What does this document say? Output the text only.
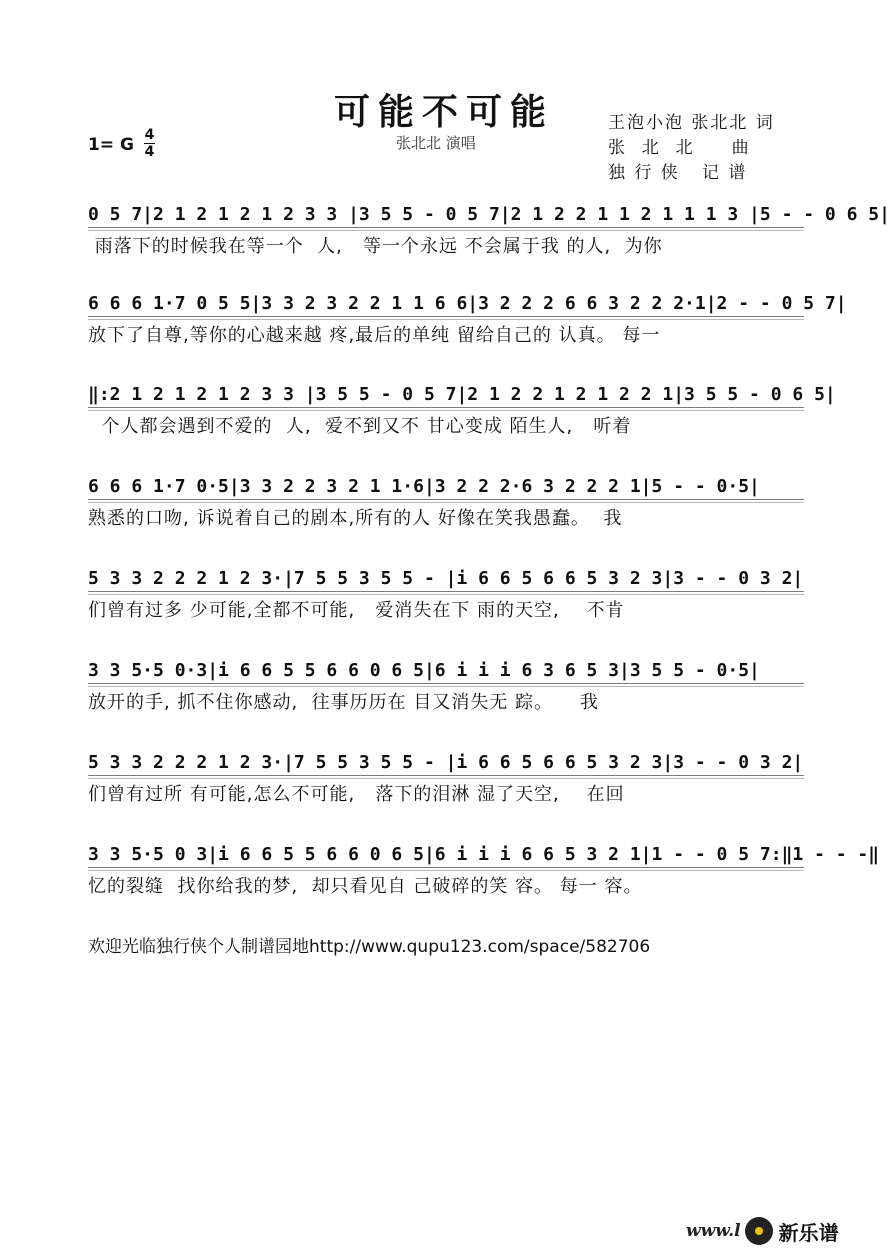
可能不可能
张北北 演唱
1= G 4
4
王泡小泡 张北北 词
张  北  北     曲
独 行 侠   记 谱
0 5 7|2 1 2 1 2 1 2 3 3 |3 5 5 - 0 5 7|2 1 2 2 1 1 2 1 1 1 3 |5 - - 0 6 5|
雨落下的时候我在等一个  人,   等一个永远 不会属于我 的人,  为你
6 6 6 1·7 0 5 5|3 3 2 3 2 2 1 1 6 6|3 2 2 2 6 6 3 2 2 2·1|2 - - 0 5 7|
放下了自尊,等你的心越来越 疼,最后的单纯 留给自己的 认真。 每一
‖:2 1 2 1 2 1 2 3 3 |3 5 5 - 0 5 7|2 1 2 2 1 2 1 2 2 1|3 5 5 - 0 6 5|
个人都会遇到不爱的  人,  爱不到又不 甘心变成 陌生人,   听着
6 6 6 1·7 0·5|3 3 2 2 3 2 1 1·6|3 2 2 2·6 3 2 2 2 1|5 - - 0·5|
熟悉的口吻, 诉说着自己的剧本,所有的人 好像在笑我愚蠢。  我
5 3 3 2 2 2 1 2 3·|7 5 5 3 5 5 - |i 6 6 5 6 6 5 3 2 3|3 - - 0 3 2|
们曾有过多 少可能,全都不可能,   爱消失在下 雨的天空,    不肯
3 3 5·5 0·3|i 6 6 5 5 6 6 0 6 5|6 i i i 6 3 6 5 3|3 5 5 - 0·5|
放开的手, 抓不住你感动,  往事历历在 目又消失无 踪。    我
5 3 3 2 2 2 1 2 3·|7 5 5 3 5 5 - |i 6 6 5 6 6 5 3 2 3|3 - - 0 3 2|
们曾有过所 有可能,怎么不可能,   落下的泪淋 湿了天空,    在回
3 3 5·5 0 3|i 6 6 5 5 6 6 0 6 5|6 i i i 6 6 5 3 2 1|1 - - 0 5 7:‖1 - - -‖
忆的裂缝  找你给我的梦,  却只看见自 己破碎的笑 容。 每一 容。
欢迎光临独行侠个人制谱园地http://www.qupu123.com/space/582706
www.l 新乐谱
